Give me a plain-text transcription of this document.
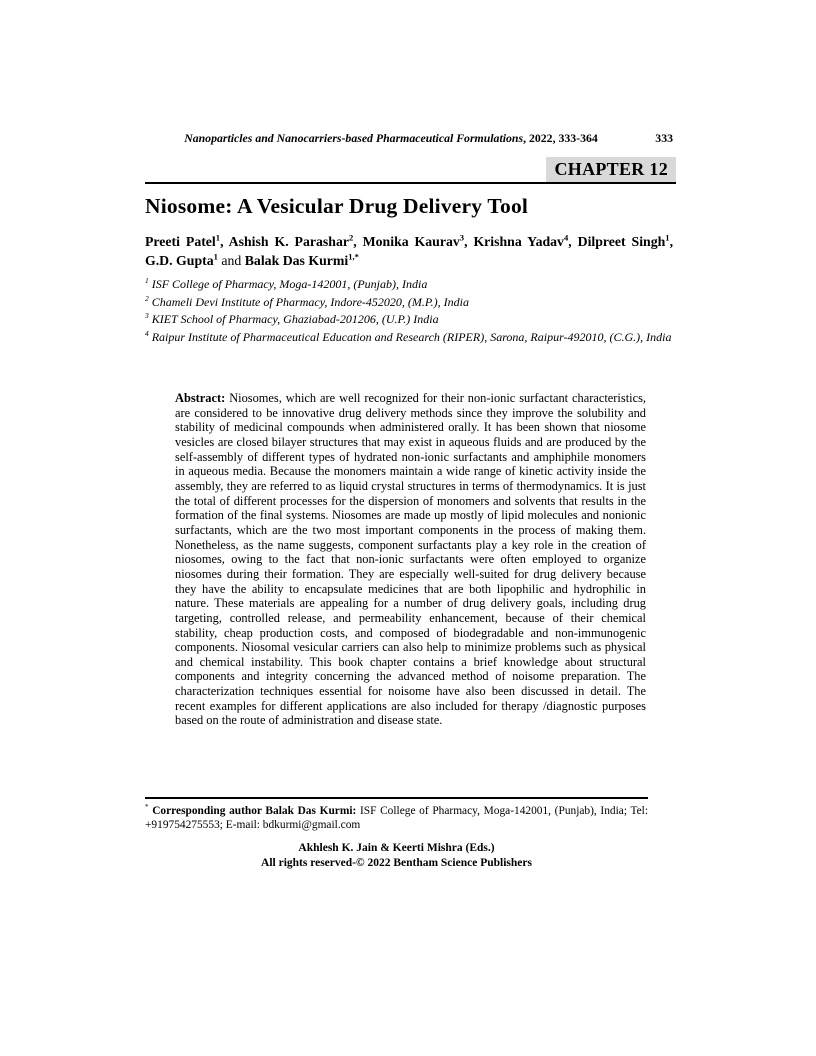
Nanoparticles and Nanocarriers-based Pharmaceutical Formulations, 2022, 333-364	333
CHAPTER 12
Niosome: A Vesicular Drug Delivery Tool
Preeti Patel$^1$, Ashish K. Parashar$^2$, Monika Kaurav$^3$, Krishna Yadav$^4$, Dilpreet Singh$^1$, G.D. Gupta$^1$ and Balak Das Kurmi$^{1,*}$
$^1$ ISF College of Pharmacy, Moga-142001, (Punjab), India
$^2$ Chameli Devi Institute of Pharmacy, Indore-452020, (M.P.), India
$^3$ KIET School of Pharmacy, Ghaziabad-201206, (U.P.) India
$^4$ Raipur Institute of Pharmaceutical Education and Research (RIPER), Sarona, Raipur-492010, (C.G.), India
Abstract: Niosomes, which are well recognized for their non-ionic surfactant characteristics, are considered to be innovative drug delivery methods since they improve the solubility and stability of medicinal compounds when administered orally. It has been shown that niosome vesicles are closed bilayer structures that may exist in aqueous fluids and are produced by the self-assembly of different types of hydrated non-ionic surfactants and amphiphile monomers in aqueous media. Because the monomers maintain a wide range of kinetic activity inside the assembly, they are referred to as liquid crystal structures in terms of thermodynamics. It is just the total of different processes for the dispersion of monomers and solvents that results in the formation of the final systems. Niosomes are made up mostly of lipid molecules and nonionic surfactants, which are the two most important components in the process of making them. Nonetheless, as the name suggests, component surfactants play a key role in the creation of niosomes, owing to the fact that non-ionic surfactants were often employed to organize niosomes during their formation. They are especially well-suited for drug delivery because they have the ability to encapsulate medicines that are both lipophilic and hydrophilic in nature. These materials are appealing for a number of drug delivery goals, including drug targeting, controlled release, and permeability enhancement, because of their chemical stability, cheap production costs, and composed of biodegradable and non-immunogenic components. Niosomal vesicular carriers can also help to minimize problems such as physical and chemical instability. This book chapter contains a brief knowledge about structural components and integrity concerning the advanced method of noisome preparation. The characterization techniques essential for noisome have also been discussed in detail. The recent examples for different applications are also included for therapy /diagnostic purposes based on the route of administration and disease state.
* Corresponding author Balak Das Kurmi: ISF College of Pharmacy, Moga-142001, (Punjab), India; Tel: +919754275553; E-mail: bdkurmi@gmail.com
Akhlesh K. Jain & Keerti Mishra (Eds.)
All rights reserved-© 2022 Bentham Science Publishers
